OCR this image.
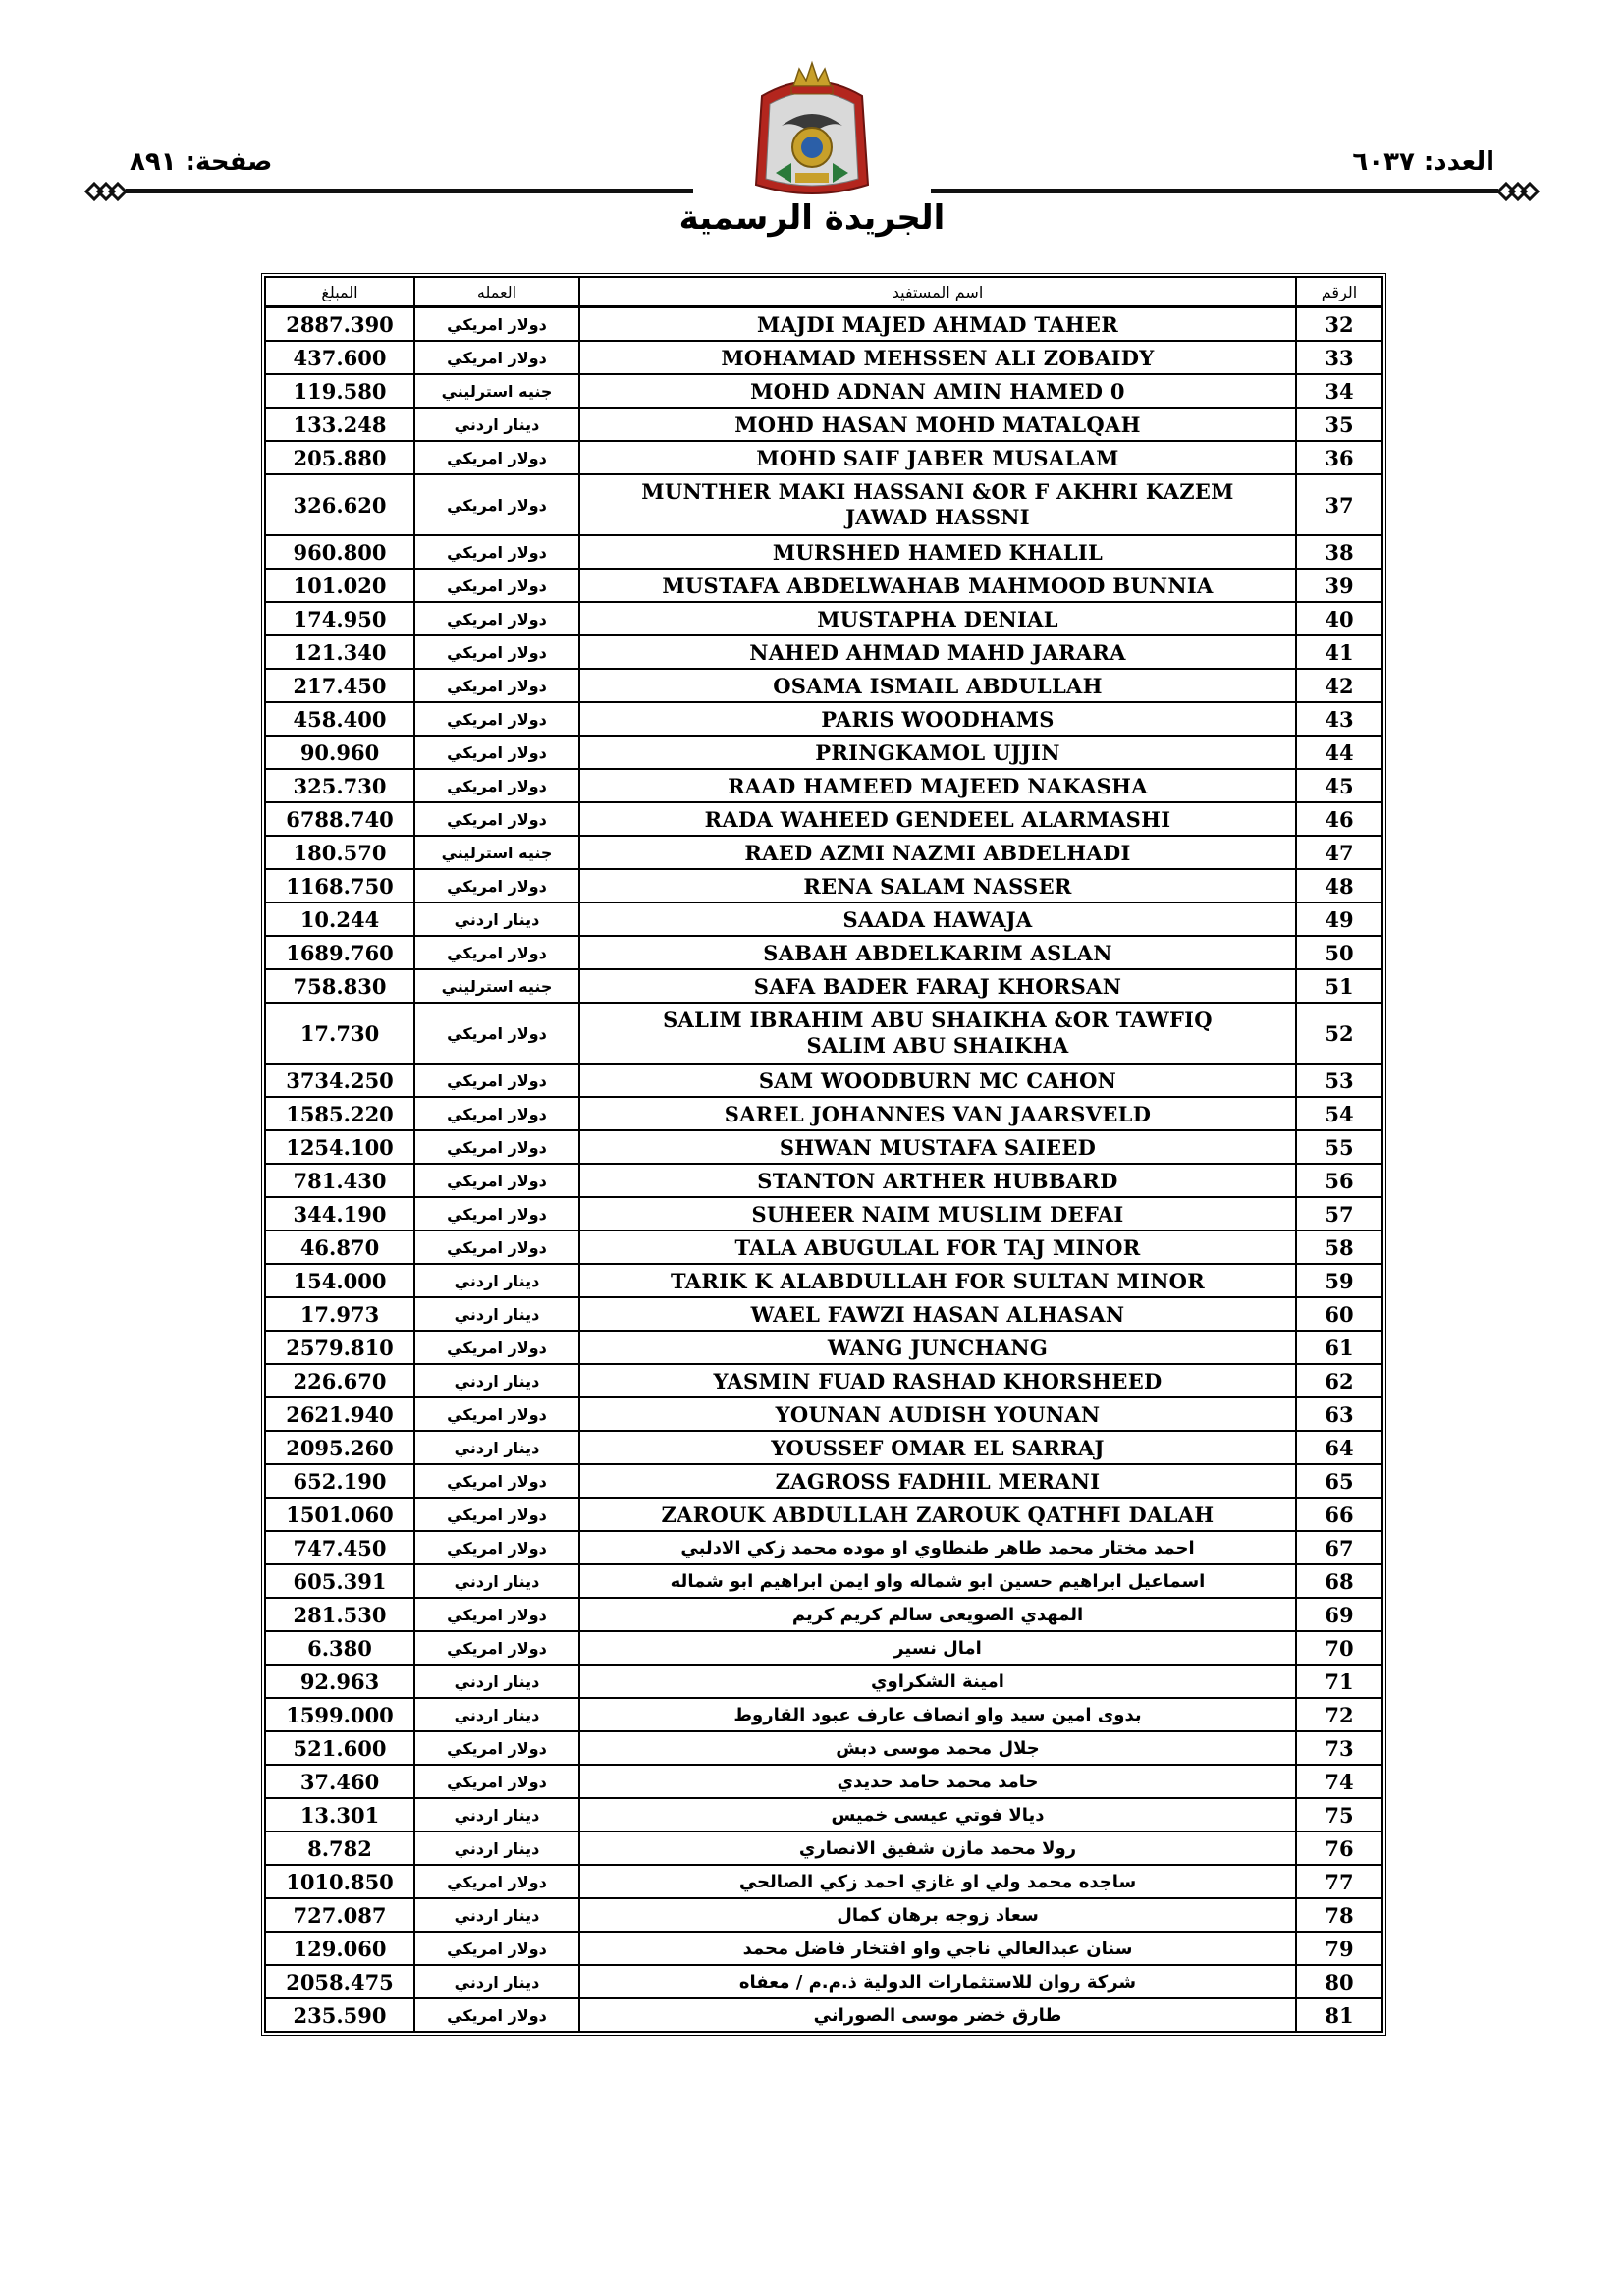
العدد: ٦٠٣٧
صفحة: ٨٩١
الجريدة الرسمية
المبلغ	العمله	اسم المستفيد	الرقم
2887.390	دولار امريكي	MAJDI MAJED AHMAD TAHER	32
437.600	دولار امريكي	MOHAMAD MEHSSEN ALI ZOBAIDY	33
119.580	جنيه استرليني	MOHD ADNAN AMIN HAMED 0	34
133.248	دينار اردني	MOHD HASAN MOHD MATALQAH	35
205.880	دولار امريكي	MOHD SAIF JABER MUSALAM	36
326.620	دولار امريكي	MUNTHER MAKI HASSANI &OR F AKHRI KAZEM JAWAD HASSNI	37
960.800	دولار امريكي	MURSHED HAMED KHALIL	38
101.020	دولار امريكي	MUSTAFA ABDELWAHAB MAHMOOD BUNNIA	39
174.950	دولار امريكي	MUSTAPHA DENIAL	40
121.340	دولار امريكي	NAHED AHMAD MAHD JARARA	41
217.450	دولار امريكي	OSAMA ISMAIL ABDULLAH	42
458.400	دولار امريكي	PARIS WOODHAMS	43
90.960	دولار امريكي	PRINGKAMOL UJJIN	44
325.730	دولار امريكي	RAAD HAMEED MAJEED NAKASHA	45
6788.740	دولار امريكي	RADA WAHEED GENDEEL ALARMASHI	46
180.570	جنيه استرليني	RAED AZMI NAZMI ABDELHADI	47
1168.750	دولار امريكي	RENA SALAM NASSER	48
10.244	دينار اردني	SAADA HAWAJA	49
1689.760	دولار امريكي	SABAH ABDELKARIM ASLAN	50
758.830	جنيه استرليني	SAFA BADER FARAJ KHORSAN	51
17.730	دولار امريكي	SALIM IBRAHIM ABU SHAIKHA &OR TAWFIQ SALIM ABU SHAIKHA	52
3734.250	دولار امريكي	SAM WOODBURN MC CAHON	53
1585.220	دولار امريكي	SAREL JOHANNES VAN JAARSVELD	54
1254.100	دولار امريكي	SHWAN MUSTAFA SAIEED	55
781.430	دولار امريكي	STANTON ARTHER HUBBARD	56
344.190	دولار امريكي	SUHEER NAIM MUSLIM DEFAI	57
46.870	دولار امريكي	TALA ABUGULAL FOR TAJ MINOR	58
154.000	دينار اردني	TARIK K ALABDULLAH FOR SULTAN MINOR	59
17.973	دينار اردني	WAEL FAWZI HASAN ALHASAN	60
2579.810	دولار امريكي	WANG JUNCHANG	61
226.670	دينار اردني	YASMIN FUAD RASHAD KHORSHEED	62
2621.940	دولار امريكي	YOUNAN AUDISH YOUNAN	63
2095.260	دينار اردني	YOUSSEF OMAR EL SARRAJ	64
652.190	دولار امريكي	ZAGROSS FADHIL MERANI	65
1501.060	دولار امريكي	ZAROUK ABDULLAH ZAROUK QATHFI DALAH	66
747.450	دولار امريكي	احمد مختار محمد طاهر طنطاوي او موده محمد زكي الادلبي	67
605.391	دينار اردني	اسماعيل ابراهيم حسين ابو شماله واو ايمن ابراهيم ابو شماله	68
281.530	دولار امريكي	المهدي الصويعى سالم كريم كريم	69
6.380	دولار امريكي	امال نسير	70
92.963	دينار اردني	امينة الشكراوي	71
1599.000	دينار اردني	بدوى امين سيد واو انصاف عارف عبود القاروط	72
521.600	دولار امريكي	جلال محمد موسى دبش	73
37.460	دولار امريكي	حامد محمد حامد حديدي	74
13.301	دينار اردني	ديالا فوتي عيسى خميس	75
8.782	دينار اردني	رولا محمد مازن شفيق الانصاري	76
1010.850	دولار امريكي	ساجده محمد ولي او غازي احمد زكي الصالحي	77
727.087	دينار اردني	سعاد زوجه برهان كمال	78
129.060	دولار امريكي	سنان عبدالعالي ناجي واو افتخار فاضل محمد	79
2058.475	دينار اردني	شركة روان للاستثمارات الدولية ذ.م.م / معفاه	80
235.590	دولار امريكي	طارق خضر موسى الصوراني	81
